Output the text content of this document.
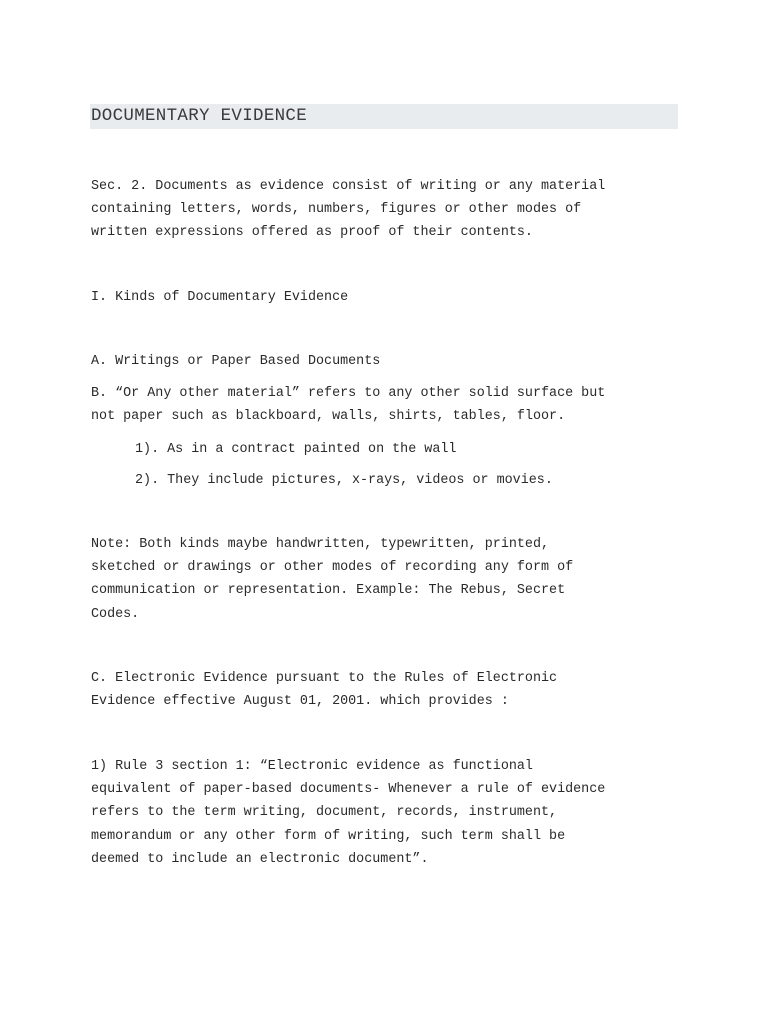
DOCUMENTARY EVIDENCE

Sec. 2. Documents as evidence consist of writing or any material
containing letters, words, numbers, figures or other modes of
written expressions offered as proof of their contents.

I. Kinds of Documentary Evidence

A. Writings or Paper Based Documents

B. “Or Any other material” refers to any other solid surface but
not paper such as blackboard, walls, shirts, tables, floor.

1). As in a contract painted on the wall

2). They include pictures, x-rays, videos or movies.

Note: Both kinds maybe handwritten, typewritten, printed,
sketched or drawings or other modes of recording any form of
communication or representation. Example: The Rebus, Secret
Codes.

C. Electronic Evidence pursuant to the Rules of Electronic
Evidence effective August 01, 2001. which provides :

1) Rule 3 section 1: “Electronic evidence as functional
equivalent of paper-based documents- Whenever a rule of evidence
refers to the term writing, document, records, instrument,
memorandum or any other form of writing, such term shall be
deemed to include an electronic document”.
